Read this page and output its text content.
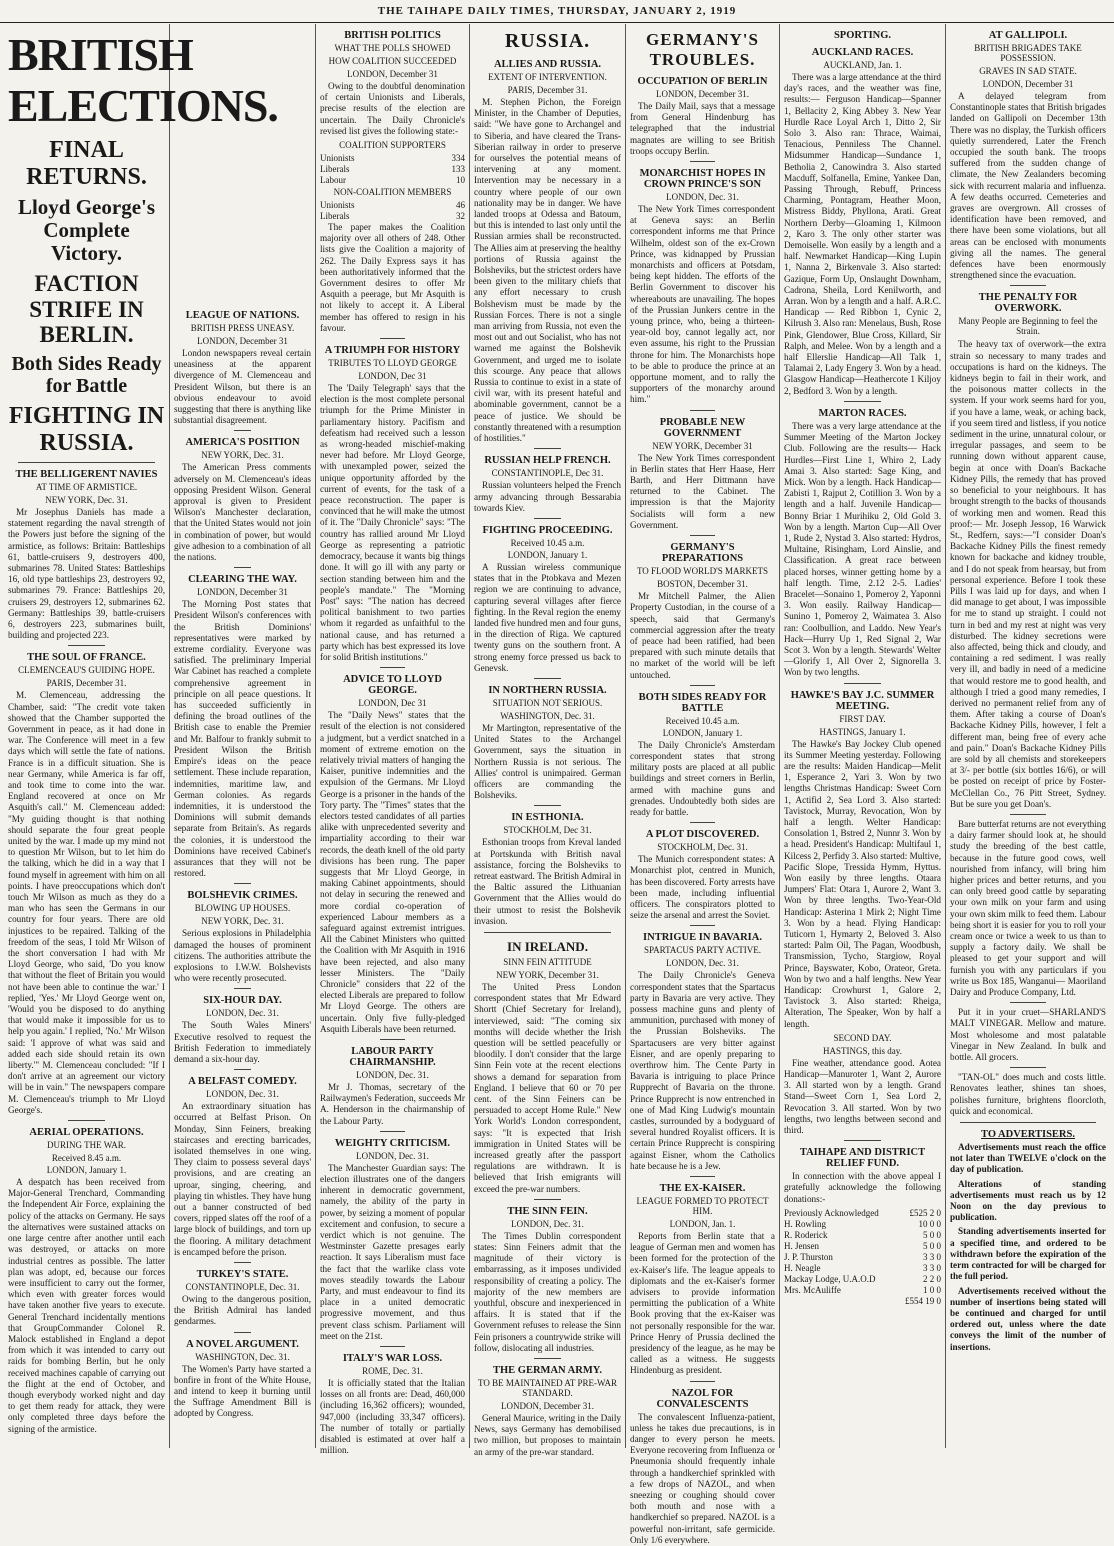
THE TAIHAPE DAILY TIMES, THURSDAY, JANUARY 2, 1919
BRITISH ELECTIONS.
FINAL RETURNS.
Lloyd George's Complete Victory.
FACTION STRIFE IN BERLIN.
Both Sides Ready for Battle
FIGHTING IN RUSSIA.
THE BELLIGERENT NAVIES
AT TIME OF ARMISTICE.
NEW YORK, Dec. 31.

Mr Josephus Daniels has made a statement regarding the naval strength of the Powers just before the signing of the armistice, as follows: Britain: Battleships 61, battle-cruisers 9, destroyers 400, submarines 78. United States: Battleships 16, old type battleships 23, destroyers 92, submarines 79. France: Battleships 20, cruisers 29, destroyers 12, submarines 62. Germany: Battleships 39, battle-cruisers 6, destroyers 223, submarines built, building and projected 223.

THE SOUL OF FRANCE.
CLEMENCEAU'S GUIDING HOPE.
PARIS, December 31.

M. Clemenceau, addressing the Chamber, said: "The credit vote taken showed that the Chamber supported the Government in peace, as it had done in war. The Conference will meet in a few days which will settle the fate of nations. France is in a difficult situation. She is near Germany, while America is far off, and took time to come into the war. England recovered at once on Mr Asquith's call." M. Clemenceau added: "My guiding thought is that nothing should separate the four great people united by the war. I made up my mind not to question Mr Wilson, but to let him do the talking, which he did in a way that I found myself in agreement with him on all points. I have preoccupations which don't touch Mr Wilson as much as they do a man who has seen the Germans in our country for four years. There are old injustices to be repaired. Talking of the freedom of the seas, I told Mr Wilson of the short conversation I had with Mr Lloyd George, who said, 'Do you know that without the fleet of Britain you would not have been able to continue the war.' I replied, 'Yes.' Mr Lloyd George went on, 'Would you be disposed to do anything that would make it impossible for us to help you again.' I replied, 'No.' Mr Wilson said: 'I approve of what was said and added each side should retain its own liberty.'" M. Clemenceau concluded: "If I don't arrive at an agreement our victory will be in vain." The newspapers compare M. Clemenceau's triumph to Mr Lloyd George's.

AERIAL OPERATIONS.
DURING THE WAR.
Received 8.45 a.m.
LONDON, January 1.

A despatch has been received from Major-General Trenchard, Commanding the Independent Air Force, explaining the policy of the attacks on Germany. He says the alternatives were sustained attacks on one large centre after another until each was destroyed, or attacks on more industrial centres as possible. The latter plan was adopt, ed, because our forces were insufficient to carry out the former, which even with greater forces would have taken another five years to execute. General Trenchard incidentally mentions that GroupCommander Colonel R. Malock established in England a depot from which it was intended to carry out raids for bombing Berlin, but he only received machines capable of carrying out the flight at the end of October, and though everybody worked night and day to get them ready for attack, they were only completed three days before the signing of the armistice.

LEAGUE OF NATIONS.
BRITISH PRESS UNEASY.
LONDON, December 31

London newspapers reveal certain uneasiness at the apparent divergence of M. Clemenceau and President Wilson, but there is an obvious endeavour to avoid suggesting that there is anything like substantial disagreement.

AMERICA'S POSITION
NEW YORK, Dec. 31.

The American Press comments adversely on M. Clemenceau's ideas opposing President Wilson. General approval is given to President Wilson's Manchester declaration, that the United States would not join in combination of power, but would give adhesion to a combination of all the nations.

CLEARING THE WAY.
LONDON, December 31

The Morning Post states that President Wilson's conferences with the British Dominions' representatives were marked by extreme cordiality. Everyone was satisfied. The preliminary Imperial War Cabinet has reached a complete comprehensive agreement in principle on all peace questions. It has succeeded sufficiently in defining the broad outlines of the British case to enable the Premier and Mr. Balfour to frankly submit to President Wilson the British Empire's ideas on the peace settlement. These include reparation, indemnities, maritime law, and German colonies. As regards indemnities, it is understood the Dominions will submit demands separate from Britain's. As regards the colonies, it is understood the Dominions have received Cabinet's assurances that they will not be restored.

BOLSHEVIK CRIMES.
BLOWING UP HOUSES.
NEW YORK, Dec. 31.

Serious explosions in Philadelphia damaged the houses of prominent citizens. The authorities attribute the explosions to I.W.W. Bolshevists who were recently prosecuted.

SIX-HOUR DAY.
LONDON, Dec. 31.

The South Wales Miners' Executive resolved to request the British Federation to immediately demand a six-hour day.

A BELFAST COMEDY.
LONDON, Dec. 31.

An extraordinary situation has occurred at Belfast Prison. On Monday, Sinn Feiners, breaking staircases and erecting barricades, isolated themselves in one wing. They claim to possess several days' provisions, and are creating an uproar, singing, cheering, and playing tin whistles. They have hung out a banner constructed of bed covers, ripped slates off the roof of a large block of buildings, and torn up the flooring. A military detachment is encamped before the prison.

TURKEY'S STATE.
CONSTANTINOPLE, Dec. 31.

Owing to the dangerous position, the British Admiral has landed gendarmes.

A NOVEL ARGUMENT.
WASHINGTON, Dec. 31.

The Women's Party have started a bonfire in front of the White House, and intend to keep it burning until the Suffrage Amendment Bill is adopted by Congress.

BRITISH POLITICS
WHAT THE POLLS SHOWED
HOW COALITION SUCCEEDED
LONDON, December 31

Owing to the doubtful denomination of certain Unionists and Liberals, precise results of the election are uncertain. The Daily Chronicle's revised list gives the following state:-

COALITION SUPPORTERS
Unionists	334
Liberals	133
Labour	10
NON-COALITION MEMBERS
Unionists	46
Liberals	32

The paper makes the Coalition majority over all others of 248. Other lists give the Coalition a majority of 262. The Daily Express says it has been authoritatively informed that the Government desires to offer Mr Asquith a peerage, but Mr Asquith is not likely to accept it. A Liberal member has offered to resign in his favour.

A TRIUMPH FOR HISTORY
TRIBUTES TO LLOYD GEORGE
LONDON, Dec 31

The 'Daily Telegraph' says that the election is the most complete personal triumph for the Prime Minister in parliamentary history. Pacifism and defeatism had received such a lesson as wrong-headed mischief-making never had before. Mr Lloyd George, with unexampled power, seized the unique opportunity afforded by the current of events, for the task of a peace reconstruction. The paper is convinced that he will make the utmost of it. The "Daily Chronicle" says: "The country has rallied around Mr Lloyd George as representing a patriotic democracy, because it wants big things done. It will go ill with any party or section standing between him and the people's mandate." The "Morning Post" says: "The nation has decreed political banishment to two parties whom it regarded as unfaithful to the national cause, and has returned a party which has best expressed its love for solid British institutions."

ADVICE TO LLOYD GEORGE.
LONDON, Dec 31

The "Daily News" states that the result of the election is not considered a judgment, but a verdict snatched in a moment of extreme emotion on the relatively trivial matters of hanging the Kaiser, punitive indemnities and the expulsion of the Germans. Mr Lloyd George is a prisoner in the hands of the Tory party. The "Times" states that the electors tested candidates of all parties alike with unprecedented severity and impartiality according to their war records, the death knell of the old party divisions has been rung. The paper suggests that Mr Lloyd George, in making Cabinet appointments, should not delay in securing the renewed and more cordial co-operation of experienced Labour members as a safeguard against extremist intrigues. All the Cabinet Ministers who quitted the Coalition with Mr Asquith in 1916 have been rejected, and also many lesser Ministers. The "Daily Chronicle" considers that 22 of the elected Liberals are prepared to follow Mr Lloyd George. The others are uncertain. Only five fully-pledged Asquith Liberals have been returned.

LABOUR PARTY CHAIRMANSHIP.
LONDON, Dec. 31.

Mr J. Thomas, secretary of the Railwaymen's Federation, succeeds Mr A. Henderson in the chairmanship of the Labour Party.

WEIGHTY CRITICISM.
LONDON, Dec. 31.

The Manchester Guardian says: The election illustrates one of the dangers inherent in democratic government, namely, the ability of the party in power, by seizing a moment of popular excitement and confusion, to secure a verdict which is not genuine. The Westminster Gazette presages early reaction. It says Liberalism must face the fact that the warlike class vote moves steadily towards the Labour Party, and must endeavour to find its place in a united democratic progressive movement, and thus prevent class schism. Parliament will meet on the 21st.

ITALY'S WAR LOSS.
ROME, Dec. 31.

It is officially stated that the Italian losses on all fronts are: Dead, 460,000 (including 16,362 officers); wounded, 947,000 (including 33,347 officers). The number of totally or partially disabled is estimated at over half a million.

RUSSIA.
ALLIES AND RUSSIA.
EXTENT OF INTERVENTION.
PARIS, December 31.

M. Stephen Pichon, the Foreign Minister, in the Chamber of Deputies, said: "We have gone to Archangel and to Siberia, and have cleared the Trans-Siberian railway in order to preserve for ourselves the potential means of intervening at any moment. Intervention may be necessary in a country where people of our own nationality may be in danger. We have landed troops at Odessa and Batoum, but this is intended to last only until the Russian armies shall be reconstructed. The Allies aim at preserving the healthy portions of Russia against the Bolsheviks, but the strictest orders have been given to the military chiefs that any effort necessary to crush Bolshevism must be made by the Russian Forces. There is not a single man arriving from Russia, not even the most out and out Socialist, who has not warned me against the Bolshevik Government, and urged me to isolate this scourge. Any peace that allows Russia to continue to exist in a state of civil war, with its present hateful and abominable government, cannot be a peace of justice. We should be constantly threatened with a resumption of hostilities."

RUSSIAN HELP FRENCH.
CONSTANTINOPLE, Dec 31.

Russian volunteers helped the French army advancing through Bessarabia towards Kiev.

FIGHTING PROCEEDING.
Received 10.45 a.m.
LONDON, January 1.

A Russian wireless communique states that in the Ptobkava and Mezen region we are continuing to advance, capturing several villages after fierce fighting. In the Reval region the enemy landed five hundred men and four guns, in the direction of Riga. We captured twenty guns on the southern front. A strong enemy force pressed us back to Genevsk.

IN NORTHERN RUSSIA.
SITUATION NOT SERIOUS.
WASHINGTON, Dec. 31.

Mr Martington, representative of the United States to the Archangel Government, says the situation in Northern Russia is not serious. The Allies' control is unimpaired. German officers are commanding the Bolsheviks.

IN ESTHONIA.
STOCKHOLM, Dec 31.

Esthonian troops from Kreval landed at Portskunda with British naval assistance, forcing the Bolsheviks to retreat eastward. The British Admiral in the Baltic assured the Lithuanian Government that the Allies would do their utmost to resist the Bolshevik invasion.

IN IRELAND.
SINN FEIN ATTITUDE
NEW YORK, December 31.

The United Press London correspondent states that Mr Edward Shortt (Chief Secretary for Ireland), interviewed, said: "The coming six months will decide whether the Irish question will be settled peacefully or bloodily. I don't consider that the large Sinn Fein vote at the recent elections shows a demand for separation from England. I believe that 60 or 70 per cent. of the Sinn Feiners can be persuaded to accept Home Rule." New York World's London correspondent, says: "It is expected that Irish immigration in United States will be increased greatly after the passport regulations are withdrawn. It is believed that Irish emigrants will exceed the pre-war numbers.

THE SINN FEIN.
LONDON, Dec. 31.

The Times Dublin correspondent states: Sinn Feiners admit that the magnitude of their victory is embarrassing, as it imposes undivided responsibility of creating a policy. The majority of the new members are youthful, obscure and inexperienced in affairs. It is stated that if the Government refuses to release the Sinn Fein prisoners a countrywide strike will follow, dislocating all industries.

THE GERMAN ARMY.
TO BE MAINTAINED AT PRE-WAR STANDARD.
LONDON, December 31.

General Maurice, writing in the Daily News, says Germany has demobilised two million, but proposes to maintain an army of the pre-war standard.

GERMANY'S TROUBLES.
OCCUPATION OF BERLIN
LONDON, December 31.

The Daily Mail, says that a message from General Hindenburg has telegraphed that the industrial magnates are willing to see British troops occupy Berlin.

MONARCHIST HOPES IN CROWN PRINCE'S SON
LONDON, Dec. 31.

The New York Times correspondent at Geneva says: an Berlin correspondent informs me that Prince Wilhelm, oldest son of the ex-Crown Prince, was kidnapped by Prussian monarchists and officers at Potsdam, being kept hidden. The efforts of the Berlin Government to discover his whereabouts are unavailing. The hopes of the Prussian Junkers centre in the young prince, who, being a thirteen-year-old boy, cannot legally act, nor even assume, his right to the Prussian throne for him. The Monarchists hope to be able to produce the prince at an opportune moment, and to rally the supporters of the monarchy around him."

PROBABLE NEW GOVERNMENT
NEW YORK, December 31

The New York Times correspondent in Berlin states that Herr Haase, Herr Barth, and Herr Dittmann have returned to the Cabinet. The impression is that the Majority Socialists will form a new Government.

GERMANY'S PREPARATIONS
TO FLOOD WORLD'S MARKETS
BOSTON, December 31.

Mr Mitchell Palmer, the Alien Property Custodian, in the course of a speech, said that Germany's commercial aggression after the treaty of peace had been ratified, had been prepared with such minute details that no market of the world will be left untouched.

BOTH SIDES READY FOR BATTLE
Received 10.45 a.m.
LONDON, January 1.

The Daily Chronicle's Amsterdam correspondent states that strong military posts are placed at all public buildings and street corners in Berlin, armed with machine guns and grenades. Undoubtedly both sides are ready for battle.

A PLOT DISCOVERED.
STOCKHOLM, Dec. 31.

The Munich correspondent states: A Monarchist plot, centred in Munich, has been discovered. Forty arrests have been made, including influential officers. The conspirators plotted to seize the arsenal and arrest the Soviet.

INTRIGUE IN BAVARIA.
SPARTACUS PARTY ACTIVE.
LONDON, Dec. 31.

The Daily Chronicle's Geneva correspondent states that the Spartacus party in Bavaria are very active. They possess machine guns and plenty of ammunition, purchased with money of the Prussian Bolsheviks. The Spartacusers are very bitter against Eisner, and are openly preparing to overthrow him. The Cente Party in Bavaria is intriguing to place Prince Rupprecht of Bavaria on the throne. Prince Rupprecht is now entrenched in one of Mad King Ludwig's mountain castles, surrounded by a bodyguard of several hundred Royalist officers. It is certain Prince Rupprecht is conspiring against Eisner, whom the Catholics hate because he is a Jew.

THE EX-KAISER.
LEAGUE FORMED TO PROTECT HIM.
LONDON, Jan. 1.

Reports from Berlin state that a league of German men and women has been formed for the protection of the ex-Kaiser's life. The league appeals to diplomats and the ex-Kaiser's former advisers to provide information permitting the publication of a White Book proving that the ex-Kaiser was not personally responsible for the war. Prince Henry of Prussia declined the presidency of the league, as he may be called as a witness. He suggests Hindenburg as president.

NAZOL FOR CONVALESCENTS

The convalescent Influenza-patient, unless he takes due precautions, is in danger to every person he meets. Everyone recovering from Influenza or Pneumonia should frequently inhale through a handkerchief sprinkled with a few drops of NAZOL, and when sneezing or coughing should cover both mouth and nose with a handkerchief so prepared. NAZOL is a powerful non-irritant, safe germicide. Only 1/6 everywhere.

SPORTING.
AUCKLAND RACES.
AUCKLAND, Jan. 1.

There was a large attendance at the third day's races, and the weather was fine, results:— Ferguson Handicap—Spanner 1, Bellacity 2, King Abbey 3. New Year Hurdle Race Loyal Arch 1, Ditto 2, Sir Solo 3. Also ran: Thrace, Waimai, Tenacious, Penniless The Channel. Midsummer Handicap—Sundance 1, Betholia 2, Canowindra 3. Also started Macduff, Solfanella, Emine, Yankee Dan, Passing Through, Rebuff, Princess Charming, Pontagram, Heather Moon, Mistress Biddy, Phyllona, Arati. Great Northern Derby—Gloaming 1, Kilmoon 2, Karo 3. The only other starter was Demoiselle. Won easily by a length and a half. Newmarket Handicap—King Lupin 1, Nanna 2, Birkenvale 3. Also started: Gazique, Form Up, Onslaught Downham, Cadrona, Sheila, Lord Kenilworth, and Arran. Won by a length and a half. A.R.C. Handicap — Red Ribbon 1, Cynic 2, Kilrush 3. Also ran: Menelaus, Bush, Rose Pink, Glendower, Blue Cross, Killard, Sir Ralph, and Melee. Won by a length and a half Ellerslie Handicap—All Talk 1, Talamai 2, Lady Engery 3. Won by a head. Glasgow Handicap—Heathercote 1 Kiljoy 2, Bedford 3. Won by a length.

MARTON RACES.

There was a very large attendance at the Summer Meeting of the Marton Jockey Club. Following are the results— Hack Hurdles—First Line 1, Whiro 2, Lady Amai 3. Also started: Sage King, and Mick. Won by a length. Hack Handicap—Zabisti 1, Rajput 2, Cotillion 3. Won by a length and a half. Juvenile Handicap—Bonny Briar 1 Murihiku 2, Old Gold 3. Won by a length. Marton Cup—All Over 1, Rude 2, Nystad 3. Also started: Hydros, Multaine, Risingham, Lord Ainslie, and Classification. A great race between placed horses, winner getting home by a half length. Time, 2.12 2-5. Ladies' Bracelet—Sonaino 1, Pomeroy 2, Yaponni 3. Won easily. Railway Handicap—Sunino 1, Pomeroy 2, Waimatea 3. Also ran: Coolbullion, and Laddo. New Year's Hack—Hurry Up 1, Red Signal 2, War Scot 3. Won by a length. Stewards' Welter—Glorify 1, All Over 2, Signorella 3. Won by two lengths.

HAWKE'S BAY J.C. SUMMER MEETING.
FIRST DAY.
HASTINGS, January 1.

The Hawke's Bay Jockey Club opened its Summer Meeting yesterday. Following are the results: Maiden Handicap—Melit 1, Esperance 2, Yari 3. Won by two lengths Christmas Handicap: Sweet Corn 1, Actifid 2, Sea Lord 3. Also started: Tavistock, Murray, Revocation, Won by half a length. Welter Handicap: Consolation 1, Bstred 2, Nunnr 3. Won by a head. President's Handicap: Multifaul 1, Kilcess 2, Perfidy 3. Also started: Multive, Pacific Slope, Tressida Hymm, Hyttus. Won easily by three lengths. Otaara Jumpers' Flat: Otara 1, Aurore 2, Want 3. Won by three lengths. Two-Year-Old Handicap: Asterina 1 Mirk 2; Night Time 3. Won by a head. Flying Handicap: Tuticorn 1, Hymarty 2, Beloved 3. Also started: Palm Oil, The Pagan, Woodbush, Transmission, Tycho, Stargiow, Royal Prince, Bayswater, Kobo, Orateor, Greta. Won by two and a half lengths. New Year Handicap: Crowhurst 1, Galore 2, Tavistock 3. Also started: Rheiga, Alteration, The Speaker, Won by half a length.

SECOND DAY.
HASTINGS, this day.

Fine weather, attendance good. Aotea Handicap—Manuroter 1, Want 2, Aurore 3. All started won by a length. Grand Stand—Sweet Corn 1, Sea Lord 2, Revocation 3. All started. Won by two lengths, two lengths between second and third.

TAIHAPE AND DISTRICT RELIEF FUND.

In connection with the above appeal I gratefully acknowledge the following donations:-

Previously Acknowledged	£525 2 0
H. Rowling	10 0 0
R. Roderick	5 0 0
H. Jensen	5 0 0
J. P. Thurston	3 3 0
H. Neagle	3 3 0
Mackay Lodge, U.A.O.D	2 2 0
Mrs. McAuliffe	1 0 0
	£554 19 0
AT GALLIPOLI.
BRITISH BRIGADES TAKE POSSESSION.
GRAVES IN SAD STATE.
LONDON, December 31

A delayed telegram from Constantinople states that British brigades landed on Gallipoli on December 13th There was no display, the Turkish officers quietly surrendered, Later the French occupied the south bank. The troops suffered from the sudden change of climate, the New Zealanders becoming sick with recurrent malaria and influenza. A few deaths occurred. Cemeteries and graves are overgrown. All crosses of identification have been removed, and there have been some violations, but all areas can be enclosed with monuments giving all the names. The general defences have been enormously strengthened since the evacuation.

THE PENALTY FOR OVERWORK.
Many People are Beginning to feel the Strain.

The heavy tax of overwork—the extra strain so necessary to many trades and occupations is hard on the kidneys. The kidneys begin to fail in their work, and the poisonous matter collects in the system. If your work seems hard for you, if you have a lame, weak, or aching back, if you seem tired and listless, if you notice sediment in the urine, unnatural colour, or irregular passages, and seem to be running down without apparent cause, begin at once with Doan's Backache Kidney Pills, the remedy that has proved so beneficial to your neighbours. It has brought strength to the backs of thousands of working men and women. Read this proof:— Mr. Joseph Jessop, 16 Warwick St., Redfern, says:—"I consider Doan's Backache Kidney Pills the finest remedy known for backache and kidney trouble, and I do not speak from hearsay, but from personal experience. Before I took these Pills I was laid up for days, and when I did manage to get about, I was impossible for me to stand up straight. I could not turn in bed and my rest at night was very disturbed. The kidney secretions were also affected, being thick and cloudy, and containing a red sediment. I was really very ill, and badly in need of a medicine that would restore me to good health, and although I tried a good many remedies, I derived no permanent relief from any of them. After taking a course of Doan's Backache Kidney Pills, however, I felt a different man, being free of every ache and pain." Doan's Backache Kidney Pills are sold by all chemists and storekeepers at 3/- per bottle (six bottles 16/6), or will be posted on receipt of price by Foster-McClellan Co., 76 Pitt Street, Sydney. But be sure you get Doan's.

Bare butterfat returns are not everything a dairy farmer should look at, he should study the breeding of the best cattle, because in the future good cows, well nourished from infancy, will bring him higher prices and better returns, and you can only breed good cattle by separating your own milk on your farm and using your own skim milk to feed them. Labour being short it is easier for you to roll your cream once or twice a week to us than to supply a factory daily. We shall be pleased to get your support and will furnish you with any particulars if you write us Box 185, Wanganui— Maoriland Dairy and Produce Company, Ltd.

Put it in your cruet—SHARLAND'S MALT VINEGAR. Mellow and mature. Most wholesome and most palatable Vinegar in New Zealand. In bulk and bottle. All grocers.

"TAN-OL" does much and costs little. Renovates leather, shines tan shoes, polishes furniture, brightens floorcloth, quick and economical.

TO ADVERTISERS.

Advertisements must reach the office not later than TWELVE o'clock on the day of publication.

Alterations of standing advertisements must reach us by 12 Noon on the day previous to publication.

Standing advertisements inserted for a specified time, and ordered to be withdrawn before the expiration of the term contracted for will be charged for the full period.

Advertisements received without the number of insertions being stated will be continued and charged for until ordered out, unless where the date conveys the limit of the number of insertions.
